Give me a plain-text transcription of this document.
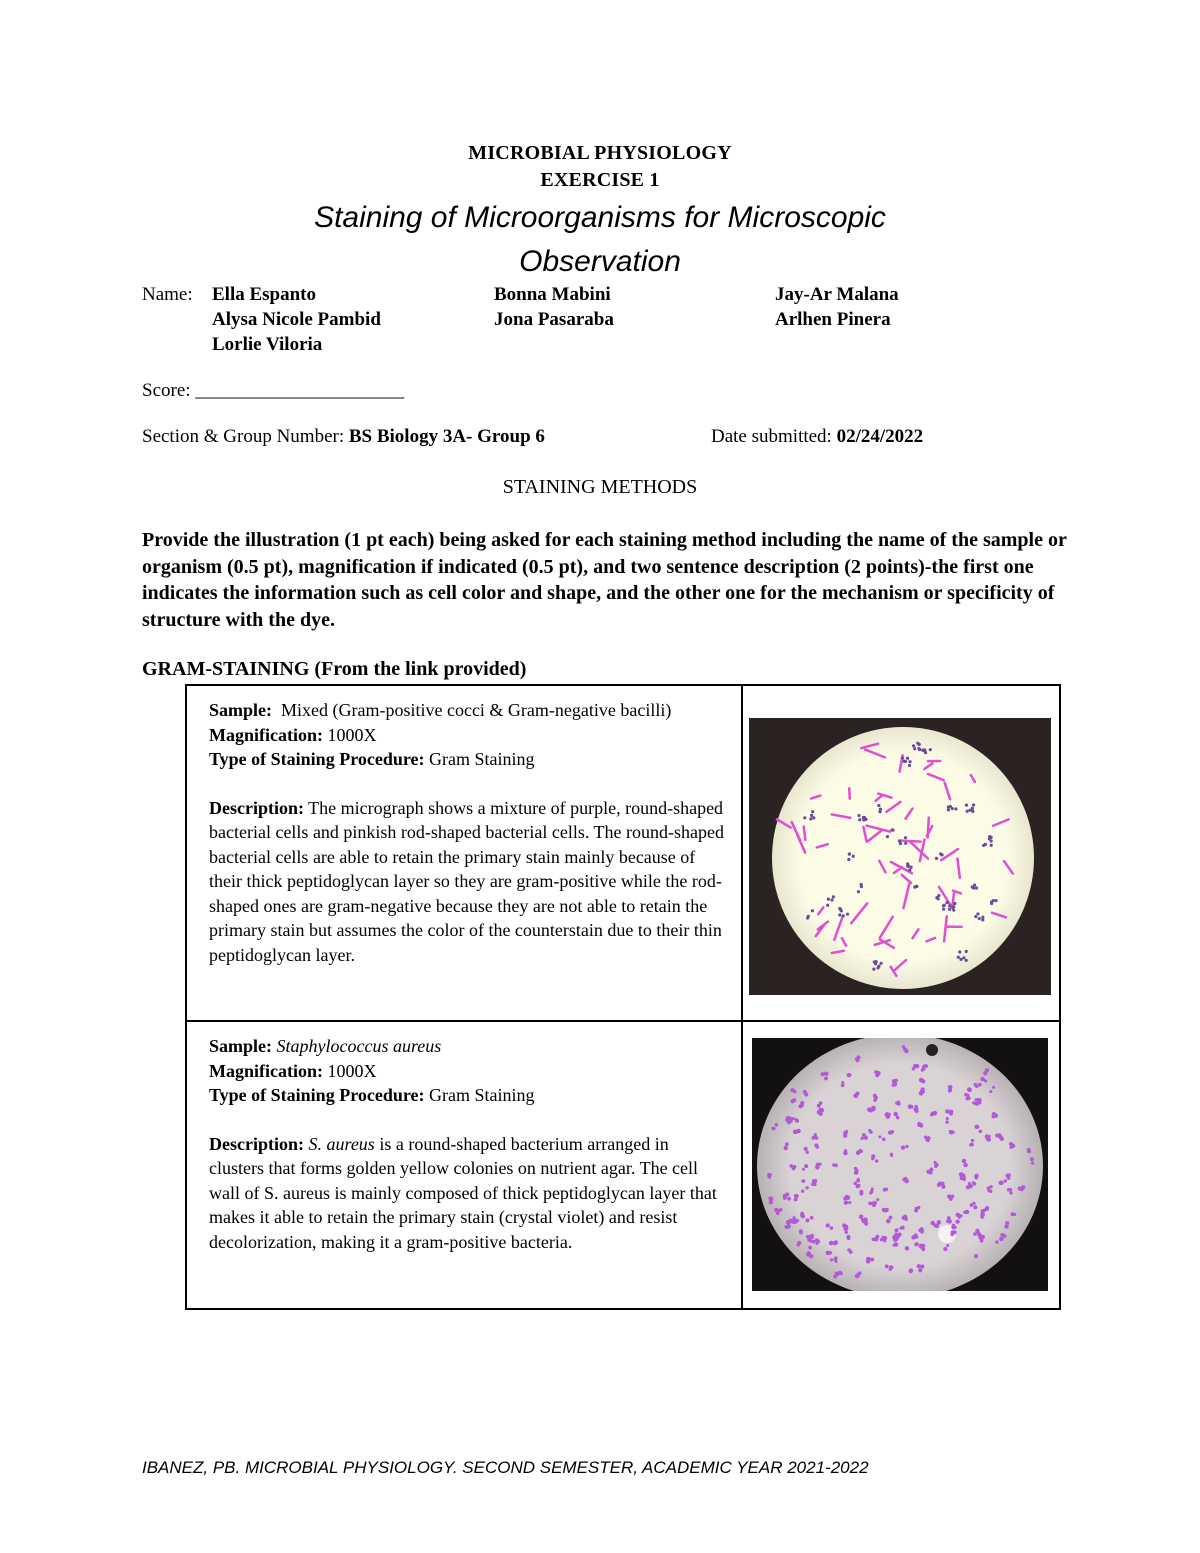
MICROBIAL PHYSIOLOGY
EXERCISE 1
Staining of Microorganisms for Microscopic
Observation
Name: Ella Espanto	Bonna Mabini	Jay-Ar Malana
Alysa Nicole Pambid	Jona Pasaraba	Arlhen Pinera
Lorlie Viloria
Score: ______________________
Section & Group Number: BS Biology 3A- Group 6	Date submitted: 02/24/2022
STAINING METHODS
Provide the illustration (1 pt each) being asked for each staining method including the name of the sample or organism (0.5 pt), magnification if indicated (0.5 pt), and two sentence description (2 points)-the first one indicates the information such as cell color and shape, and the other one for the mechanism or specificity of structure with the dye.
GRAM-STAINING (From the link provided)

Sample: Mixed (Gram-positive cocci & Gram-negative bacilli)

Magnification: 1000X

Type of Staining Procedure: Gram Staining

Description: The micrograph shows a mixture of purple, round-shaped bacterial cells and pinkish rod-shaped bacterial cells. The round-shaped bacterial cells are able to retain the primary stain mainly because of their thick peptidoglycan layer so they are gram-positive while the rod-shaped ones are gram-negative because they are not able to retain the primary stain but assumes the color of the counterstain due to their thin peptidoglycan layer.

Sample: Staphylococcus aureus

Magnification: 1000X

Type of Staining Procedure: Gram Staining

Description: S. aureus is a round-shaped bacterium arranged in clusters that forms golden yellow colonies on nutrient agar. The cell wall of S. aureus is mainly composed of thick peptidoglycan layer that makes it able to retain the primary stain (crystal violet) and resist decolorization, making it a gram-positive bacteria.

IBANEZ, PB. MICROBIAL PHYSIOLOGY. SECOND SEMESTER, ACADEMIC YEAR 2021-2022
